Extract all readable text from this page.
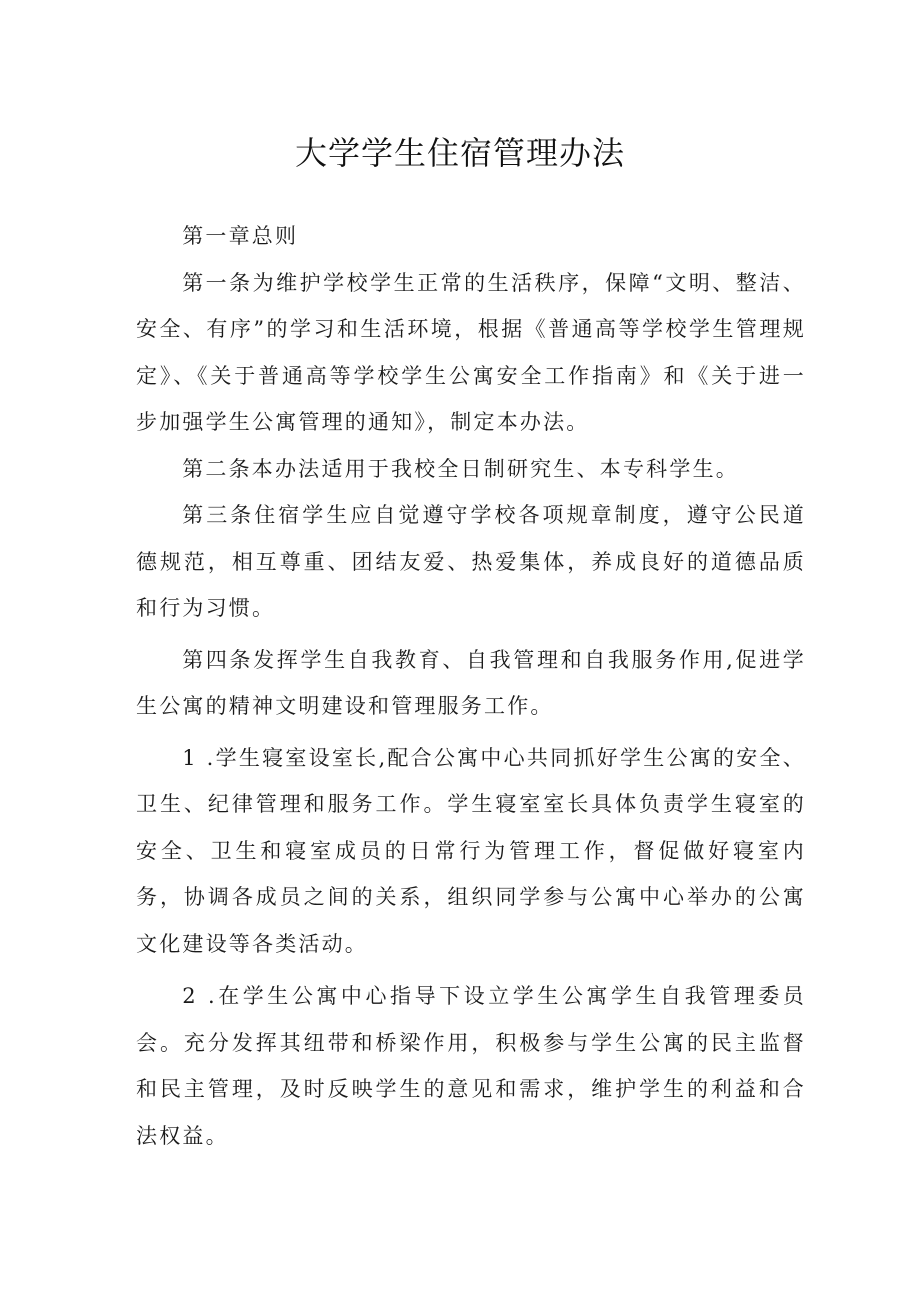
大学学生住宿管理办法

第一章总则

第一条为维护学校学生正常的生活秩序，保障“文明、整洁、安全、有序”的学习和生活环境，根据《普通高等学校学生管理规定》、《关于普通高等学校学生公寓安全工作指南》和《关于进一步加强学生公寓管理的通知》，制定本办法。

第二条本办法适用于我校全日制研究生、本专科学生。

第三条住宿学生应自觉遵守学校各项规章制度，遵守公民道德规范，相互尊重、团结友爱、热爱集体，养成良好的道德品质和行为习惯。

第四条发挥学生自我教育、自我管理和自我服务作用,促进学生公寓的精神文明建设和管理服务工作。

1 .学生寝室设室长,配合公寓中心共同抓好学生公寓的安全、卫生、纪律管理和服务工作。学生寝室室长具体负责学生寝室的安全、卫生和寝室成员的日常行为管理工作，督促做好寝室内务，协调各成员之间的关系，组织同学参与公寓中心举办的公寓文化建设等各类活动。

2 .在学生公寓中心指导下设立学生公寓学生自我管理委员会。充分发挥其纽带和桥梁作用，积极参与学生公寓的民主监督和民主管理，及时反映学生的意见和需求，维护学生的利益和合法权益。
